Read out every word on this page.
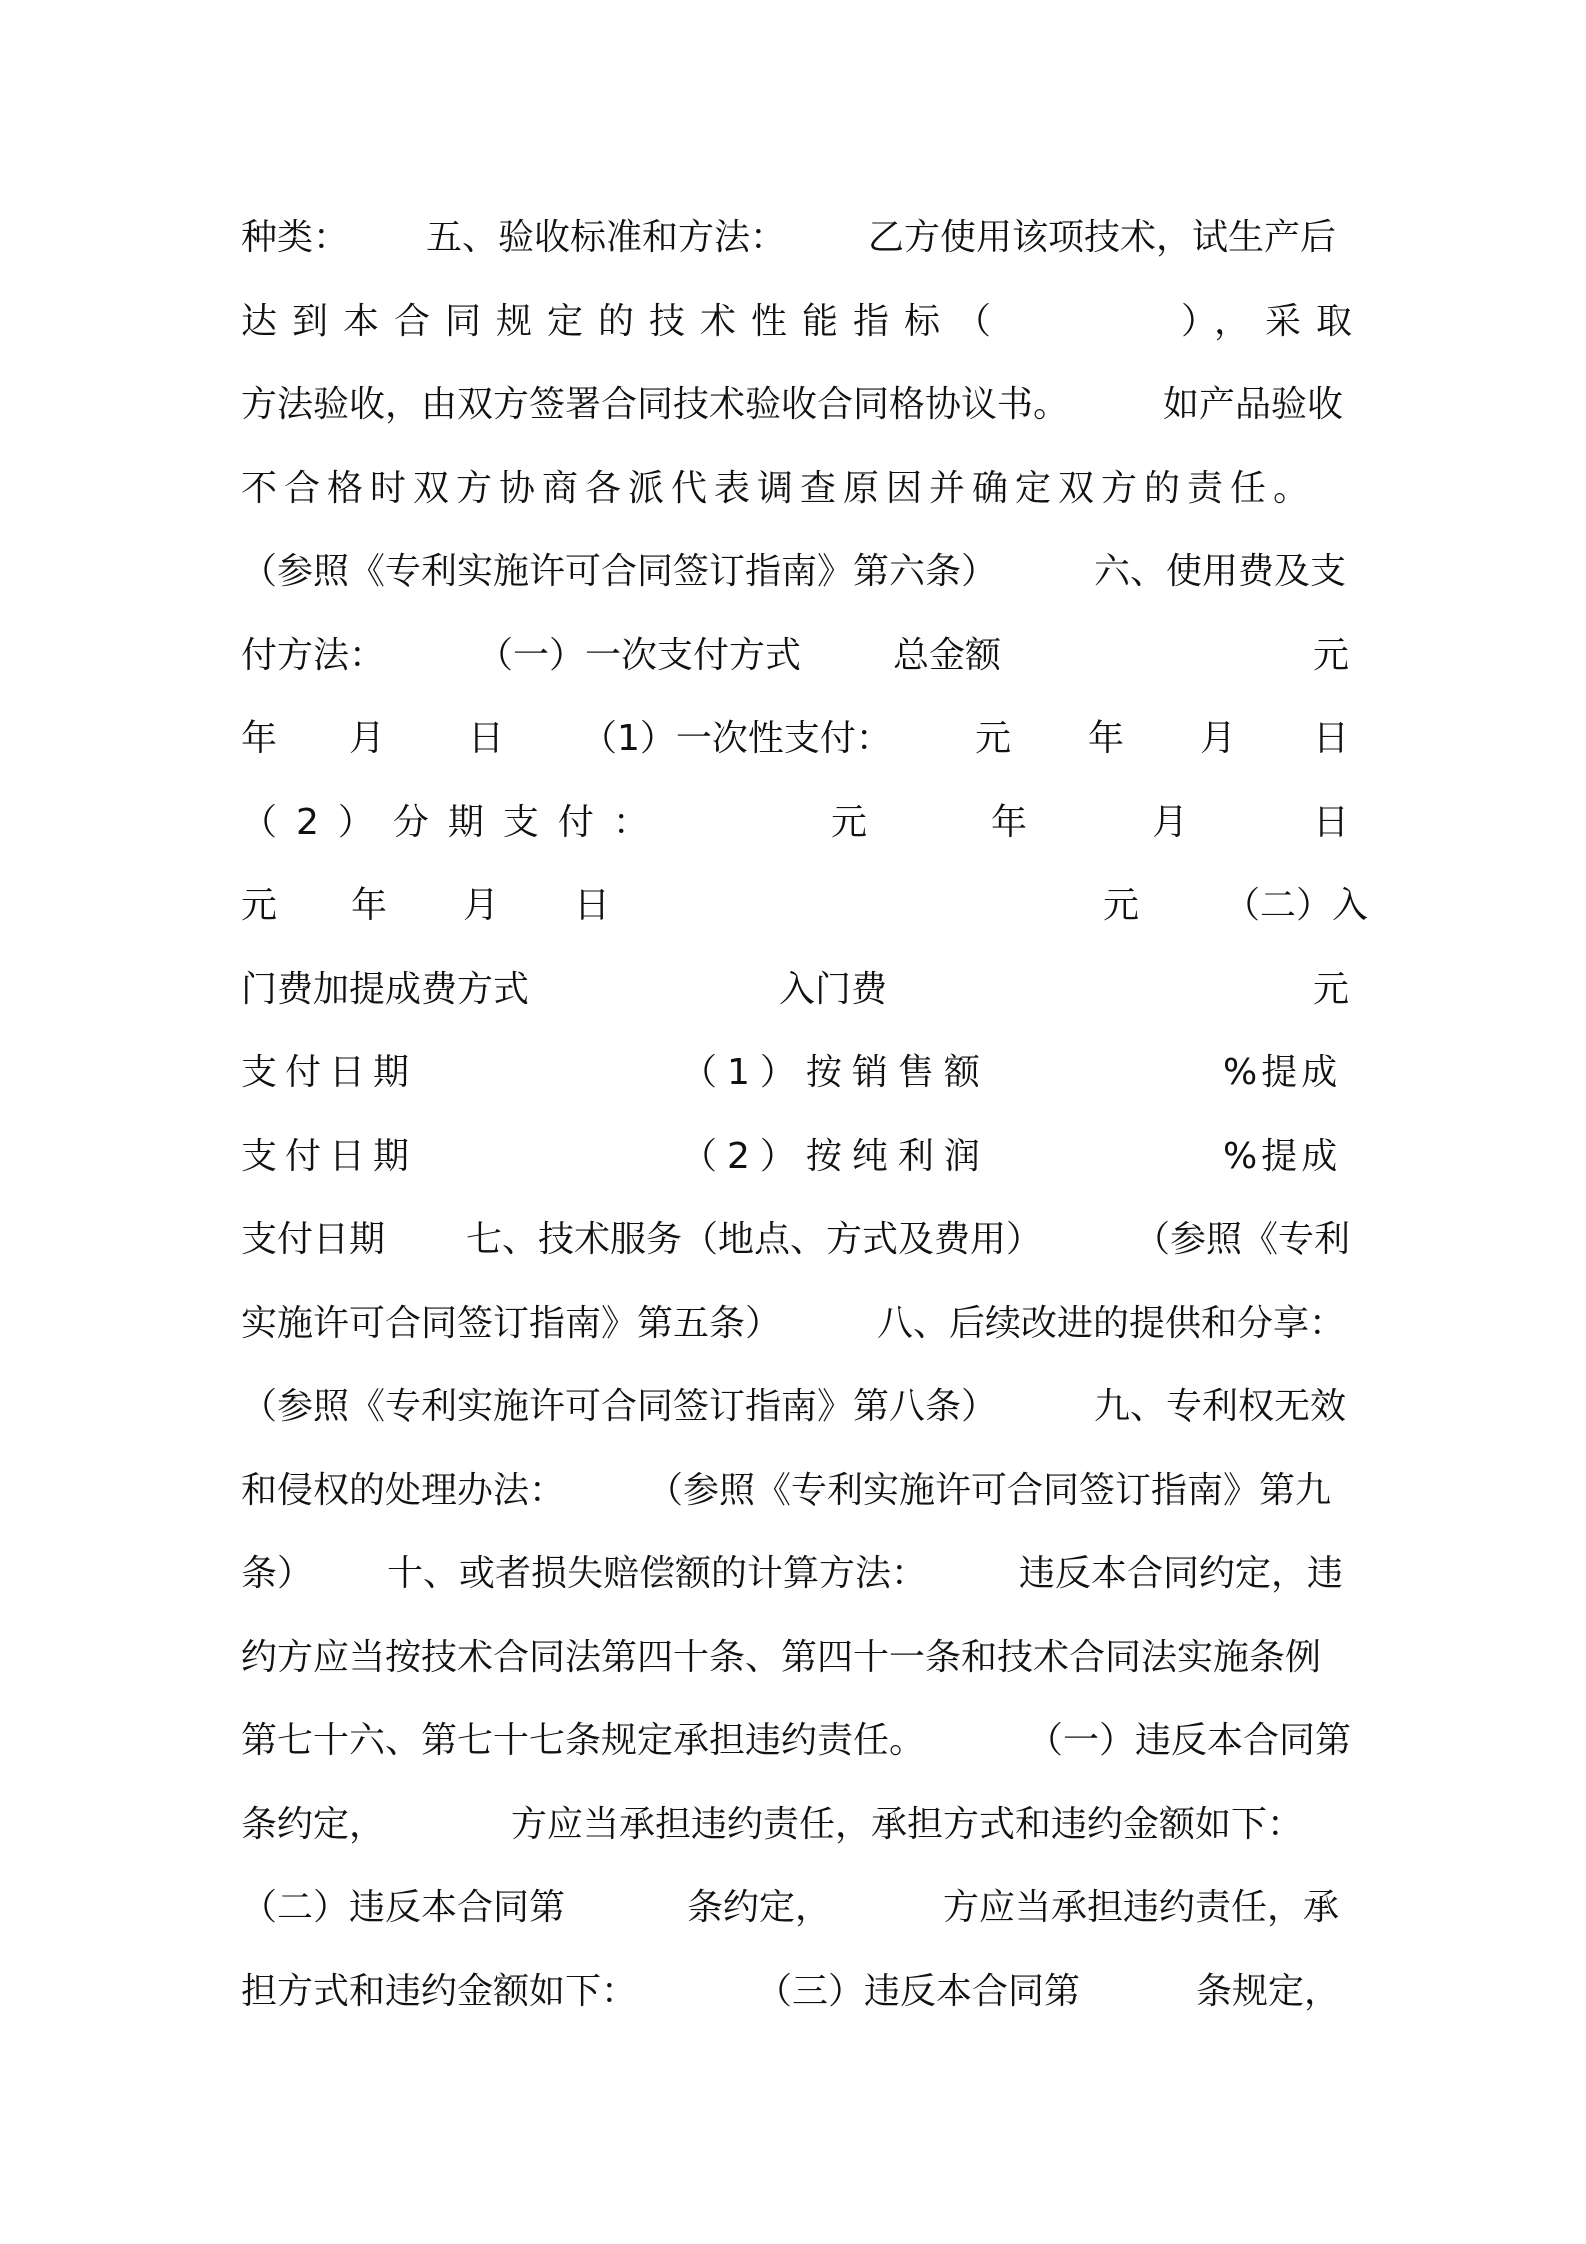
种类： 五、验收标准和方法： 乙方使用该项技术，试生产后
达到本合同规定的技术性能指标（	），采取
方法验收，由双方签署合同技术验收合同格协议书。	如产品验收
不合格时双方协商各派代表调查原因并确定双方的责任。
（参照《专利实施许可合同签订指南》第六条）	六、使用费及支
付方法：	（一）一次支付方式	总金额	元
年 月 日 （1）一次性支付： 元 年 月 日
（2）分期支付：	元	年	月	日
元 年 月 日	元 （二）入
门费加提成费方式	入门费	元
支付日期	（1）按销售额	%提成
支付日期	（2）按纯利润	%提成
支付日期 七、技术服务（地点、方式及费用）	（参照《专利
实施许可合同签订指南》第五条）	八、后续改进的提供和分享：
（参照《专利实施许可合同签订指南》第八条）	九、专利权无效
和侵权的处理办法： （参照《专利实施许可合同签订指南》第九
条） 十、或者损失赔偿额的计算方法：	违反本合同约定，违
约方应当按技术合同法第四十条、第四十一条和技术合同法实施条例
第七十六、第七十七条规定承担违约责任。	（一）违反本合同第
条约定，	方应当承担违约责任，承担方式和违约金额如下：
（二）违反本合同第	条约定，	方应当承担违约责任，承
担方式和违约金额如下：	（三）违反本合同第	条规定，
